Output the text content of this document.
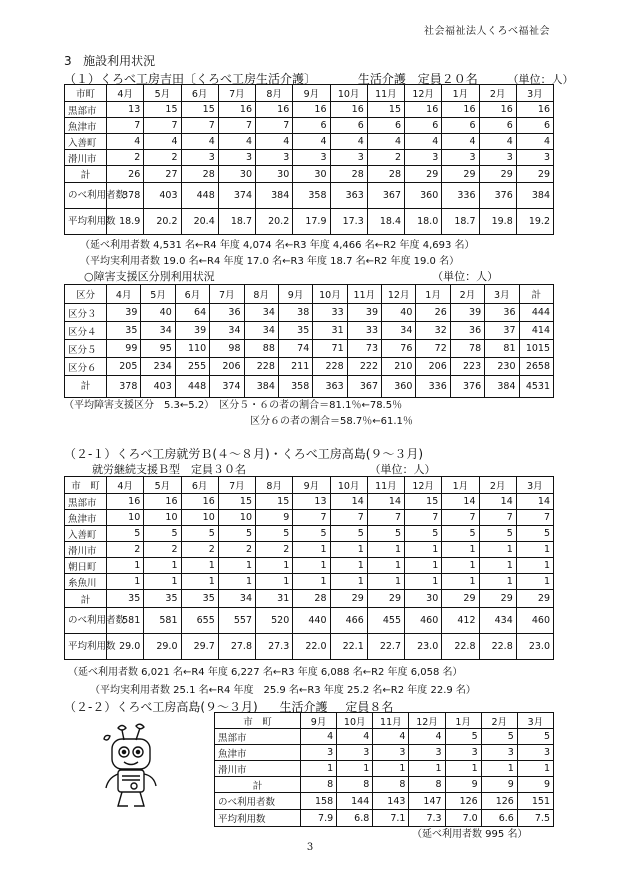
社会福祉法人くろべ福祉会
3 施設利用状況
（１）くろべ工房吉田〔くろべ工房生活介護〕	生活介護 定員２０名	（単位：人）
市町	4月	5月	6月	7月	8月	9月	10月	11月	12月	1月	2月	3月
黒部市	13	15	15	16	16	16	16	15	16	16	16	16
魚津市	7	7	7	7	7	6	6	6	6	6	6	6
入善町	4	4	4	4	4	4	4	4	4	4	4	4
滑川市	2	2	3	3	3	3	3	2	3	3	3	3
計	26	27	28	30	30	30	28	28	29	29	29	29
のべ利用者数	378	403	448	374	384	358	363	367	360	336	376	384
平均利用数	18.9	20.2	20.4	18.7	20.2	17.9	17.3	18.4	18.0	18.7	19.8	19.2
（延べ利用者数 4,531 名←R4 年度 4,074 名←R3 年度 4,466 名←R2 年度 4,693 名）
（平均実利用者数 19.0 名←R4 年度 17.0 名←R3 年度 18.7 名←R2 年度 19.0 名）
○障害支援区分別利用状況	（単位：人）
区分	4月	5月	6月	7月	8月	9月	10月	11月	12月	1月	2月	3月	計
区分３	39	40	64	36	34	38	33	39	40	26	39	36	444
区分４	35	34	39	34	34	35	31	33	34	32	36	37	414
区分５	99	95	110	98	88	74	71	73	76	72	78	81	1015
区分６	205	234	255	206	228	211	228	222	210	206	223	230	2658
計	378	403	448	374	384	358	363	367	360	336	376	384	4531
（平均障害支援区分　5.3←5.2）　区分５・６の者の割合＝81.1％←78.5％
区分６の者の割合＝58.7％←61.1％
（２-１）くろべ工房就労Ｂ(４～８月)・くろべ工房高島(９～３月)
就労継続支援Ｂ型　定員３０名	（単位：人）
市　町	4月	5月	6月	7月	8月	9月	10月	11月	12月	1月	2月	3月
黒部市	16	16	16	15	15	13	14	14	15	14	14	14
魚津市	10	10	10	10	9	7	7	7	7	7	7	7
入善町	5	5	5	5	5	5	5	5	5	5	5	5
滑川市	2	2	2	2	2	1	1	1	1	1	1	1
朝日町	1	1	1	1	1	1	1	1	1	1	1	1
糸魚川	1	1	1	1	1	1	1	1	1	1	1	1
計	35	35	35	34	31	28	29	29	30	29	29	29
のべ利用者数	581	581	655	557	520	440	466	455	460	412	434	460
平均利用数	29.0	29.0	29.7	27.8	27.3	22.0	22.1	22.7	23.0	22.8	22.8	23.0
（延べ利用者数 6,021 名←R4 年度 6,227 名←R3 年度 6,088 名←R2 年度 6,058 名）
（平均実利用者数 25.1 名←R4 年度　25.9 名←R3 年度 25.2 名←R2 年度 22.9 名）
（２-２）くろべ工房高島(９～３月) 生活介護 定員８名
市　町	9月	10月	11月	12月	1月	2月	3月
黒部市	4	4	4	4	5	5	5
魚津市	3	3	3	3	3	3	3
滑川市	1	1	1	1	1	1	1
計	8	8	8	8	9	9	9
のべ利用者数	158	144	143	147	126	126	151
平均利用数	7.9	6.8	7.1	7.3	7.0	6.6	7.5
（延べ利用者数 995 名）
3
